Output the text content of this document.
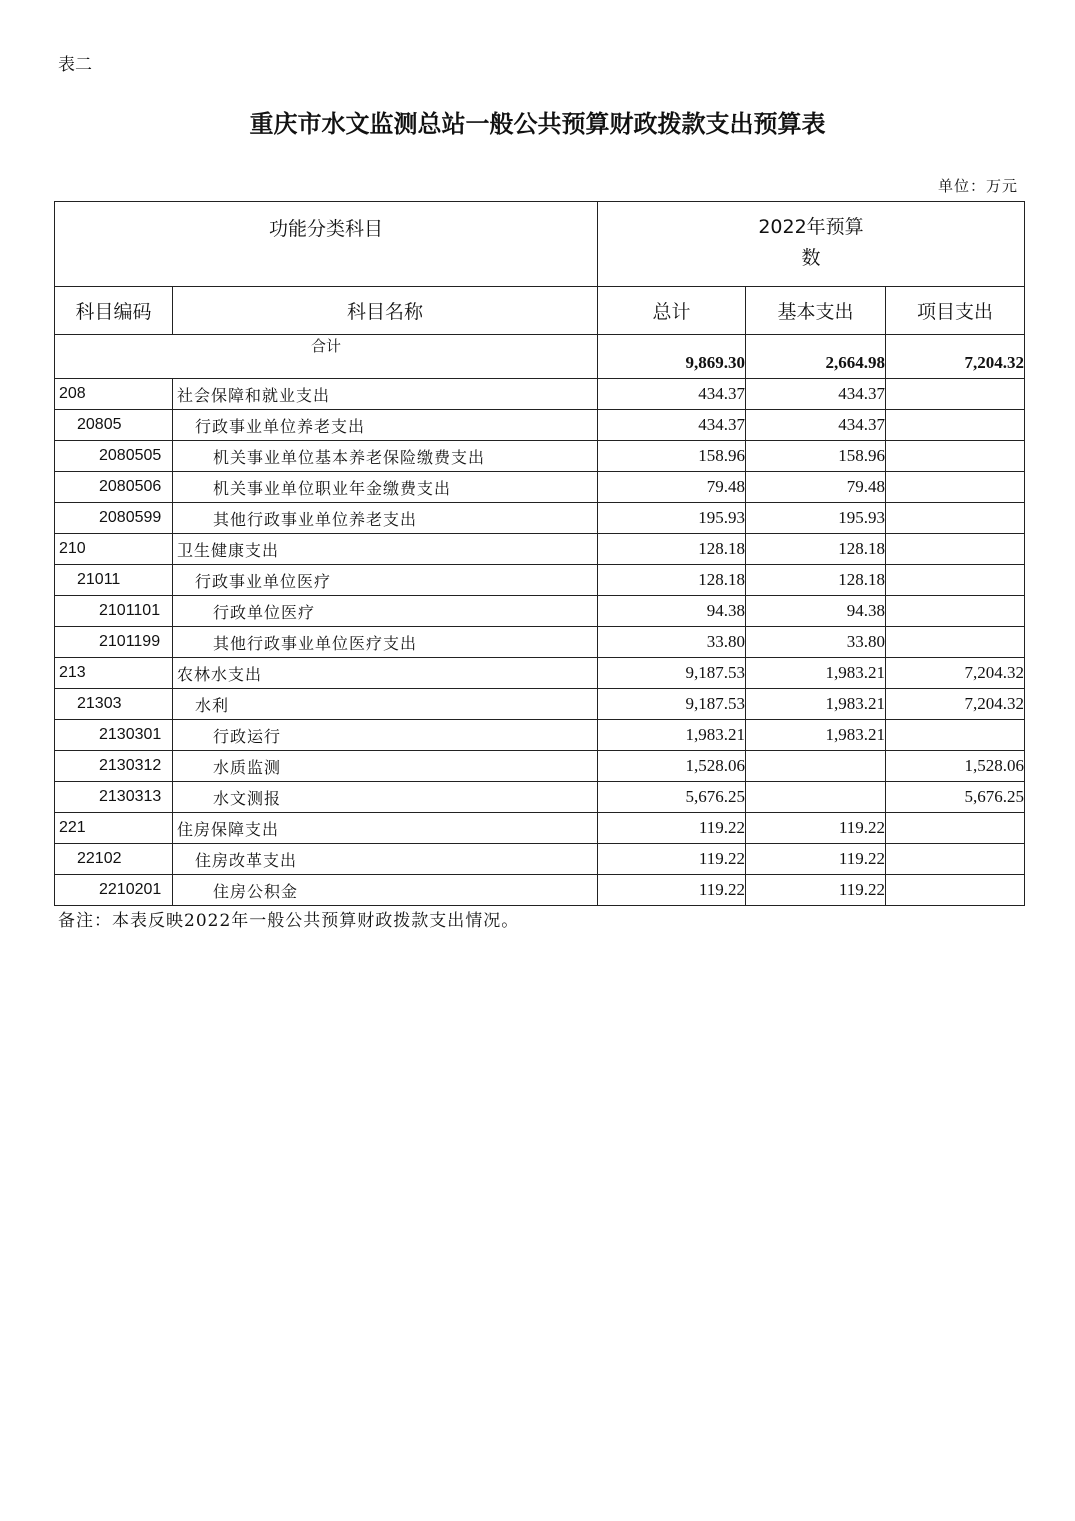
表二
重庆市水文监测总站一般公共预算财政拨款支出预算表
单位：万元
功能分类科目		2022年预算
数		

科目编码	科目名称	总计	基本支出	项目支出
合计		9,869.30	2,664.98	7,204.32
208	社会保障和就业支出	434.37	434.37	
20805	行政事业单位养老支出	434.37	434.37	
2080505	机关事业单位基本养老保险缴费支出	158.96	158.96	
2080506	机关事业单位职业年金缴费支出	79.48	79.48	
2080599	其他行政事业单位养老支出	195.93	195.93	
210	卫生健康支出	128.18	128.18	
21011	行政事业单位医疗	128.18	128.18	
2101101	行政单位医疗	94.38	94.38	
2101199	其他行政事业单位医疗支出	33.80	33.80	
213	农林水支出	9,187.53	1,983.21	7,204.32
21303	水利	9,187.53	1,983.21	7,204.32
2130301	行政运行	1,983.21	1,983.21	
2130312	水质监测	1,528.06		1,528.06
2130313	水文测报	5,676.25		5,676.25
221	住房保障支出	119.22	119.22	
22102	住房改革支出	119.22	119.22	
2210201	住房公积金	119.22	119.22	
备注：本表反映2022年一般公共预算财政拨款支出情况。
